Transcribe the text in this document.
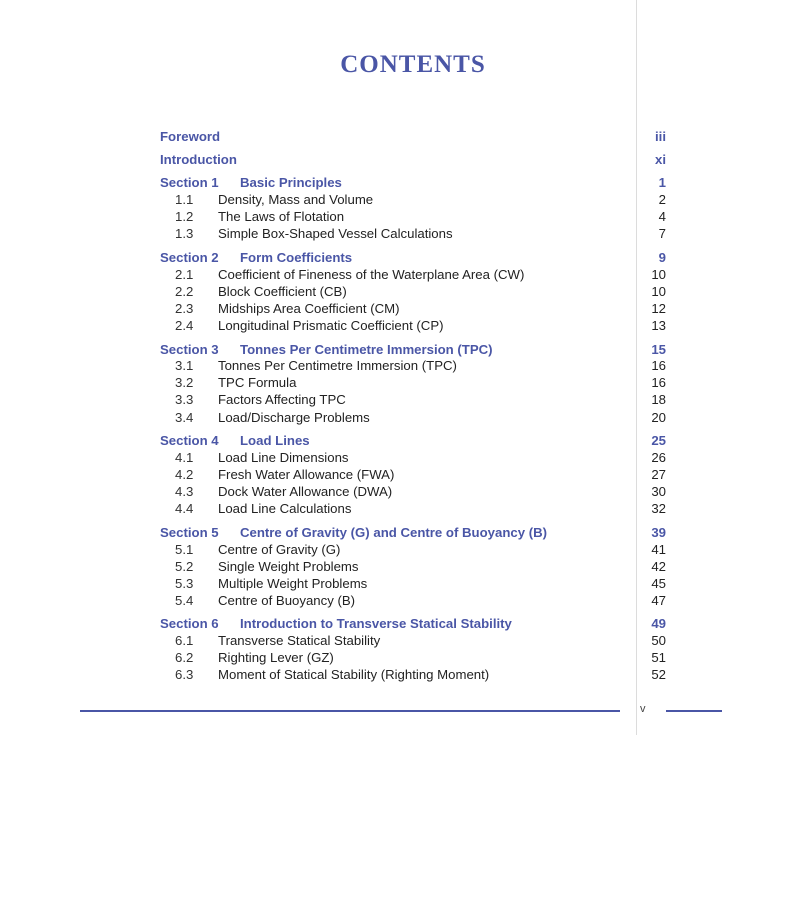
CONTENTS
Foreword	iii
Introduction	xi
Section 1 Basic Principles	1
1.1 Density, Mass and Volume	2
1.2 The Laws of Flotation	4
1.3 Simple Box-Shaped Vessel Calculations	7
Section 2 Form Coefficients	9
2.1 Coefficient of Fineness of the Waterplane Area (CW)	10
2.2 Block Coefficient (CB)	10
2.3 Midships Area Coefficient (CM)	12
2.4 Longitudinal Prismatic Coefficient (CP)	13
Section 3 Tonnes Per Centimetre Immersion (TPC)	15
3.1 Tonnes Per Centimetre Immersion (TPC)	16
3.2 TPC Formula	16
3.3 Factors Affecting TPC	18
3.4 Load/Discharge Problems	20
Section 4 Load Lines	25
4.1 Load Line Dimensions	26
4.2 Fresh Water Allowance (FWA)	27
4.3 Dock Water Allowance (DWA)	30
4.4 Load Line Calculations	32
Section 5 Centre of Gravity (G) and Centre of Buoyancy (B)	39
5.1 Centre of Gravity (G)	41
5.2 Single Weight Problems	42
5.3 Multiple Weight Problems	45
5.4 Centre of Buoyancy (B)	47
Section 6 Introduction to Transverse Statical Stability	49
6.1 Transverse Statical Stability	50
6.2 Righting Lever (GZ)	51
6.3 Moment of Statical Stability (Righting Moment)	52
v
